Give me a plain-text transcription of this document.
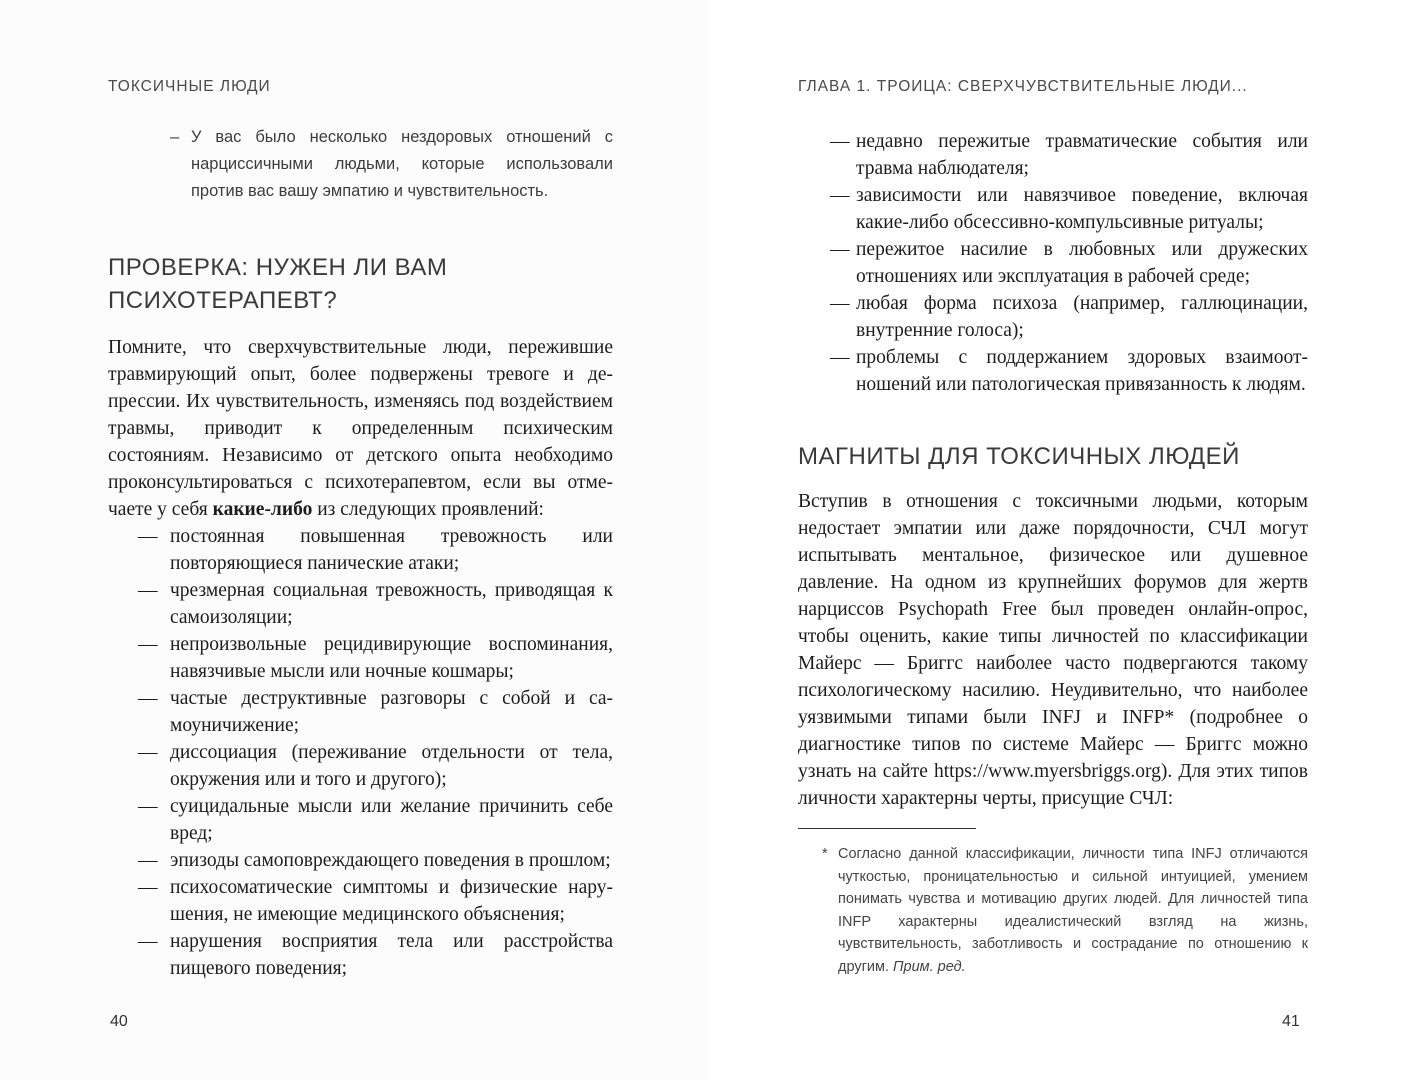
ТОКСИЧНЫЕ ЛЮДИ

– У вас было несколько нездоровых отношений с нарциссичными людьми, которые использовали против вас вашу эмпатию и чувствительность.

ПРОВЕРКА: НУЖЕН ЛИ ВАМ ПСИХОТЕРАПЕВТ?

Помните, что сверхчувствительные люди, пережившие травмирующий опыт, более подвержены тревоге и депрессии. Их чувствительность, изменяясь под воздействием травмы, приводит к определенным психическим состояниям. Независимо от детского опыта необходимо проконсультироваться с психотерапевтом, если вы отмечаете у себя какие-либо из следующих проявлений:

— постоянная повышенная тревожность или повторяющиеся панические атаки;
— чрезмерная социальная тревожность, приводящая к самоизоляции;
— непроизвольные рецидивирующие воспоминания, навязчивые мысли или ночные кошмары;
— частые деструктивные разговоры с собой и самоуничижение;
— диссоциация (переживание отдельности от тела, окружения или и того и другого);
— суицидальные мысли или желание причинить себе вред;
— эпизоды самоповреждающего поведения в прошлом;
— психосоматические симптомы и физические нарушения, не имеющие медицинского объяснения;
— нарушения восприятия тела или расстройства пищевого поведения;
40
ГЛАВА 1. ТРОИЦА: СВЕРХЧУВСТВИТЕЛЬНЫЕ ЛЮДИ...
— недавно пережитые травматические события или травма наблюдателя;
— зависимости или навязчивое поведение, включая какие-либо обсессивно-компульсивные ритуалы;
— пережитое насилие в любовных или дружеских отношениях или эксплуатация в рабочей среде;
— любая форма психоза (например, галлюцинации, внутренние голоса);
— проблемы с поддержанием здоровых взаимоотношений или патологическая привязанность к людям.
МАГНИТЫ ДЛЯ ТОКСИЧНЫХ ЛЮДЕЙ

Вступив в отношения с токсичными людьми, которым недостает эмпатии или даже порядочности, СЧЛ могут испытывать ментальное, физическое или душевное давление. На одном из крупнейших форумов для жертв нарциссов Psychopath Free был проведен онлайн-опрос, чтобы оценить, какие типы личностей по классификации Майерс — Бриггс наиболее часто подвергаются такому психологическому насилию. Неудивительно, что наиболее уязвимыми типами были INFJ и INFP* (подробнее о диагностике типов по системе Майерс — Бриггс можно узнать на сайте https://www.myersbriggs.org). Для этих типов личности характерны черты, присущие СЧЛ:

* Согласно данной классификации, личности типа INFJ отличаются чуткостью, проницательностью и сильной интуицией, умением понимать чувства и мотивацию других людей. Для личностей типа INFP характерны идеалистический взгляд на жизнь, чувствительность, заботливость и сострадание по отношению к другим. Прим. ред.
41
